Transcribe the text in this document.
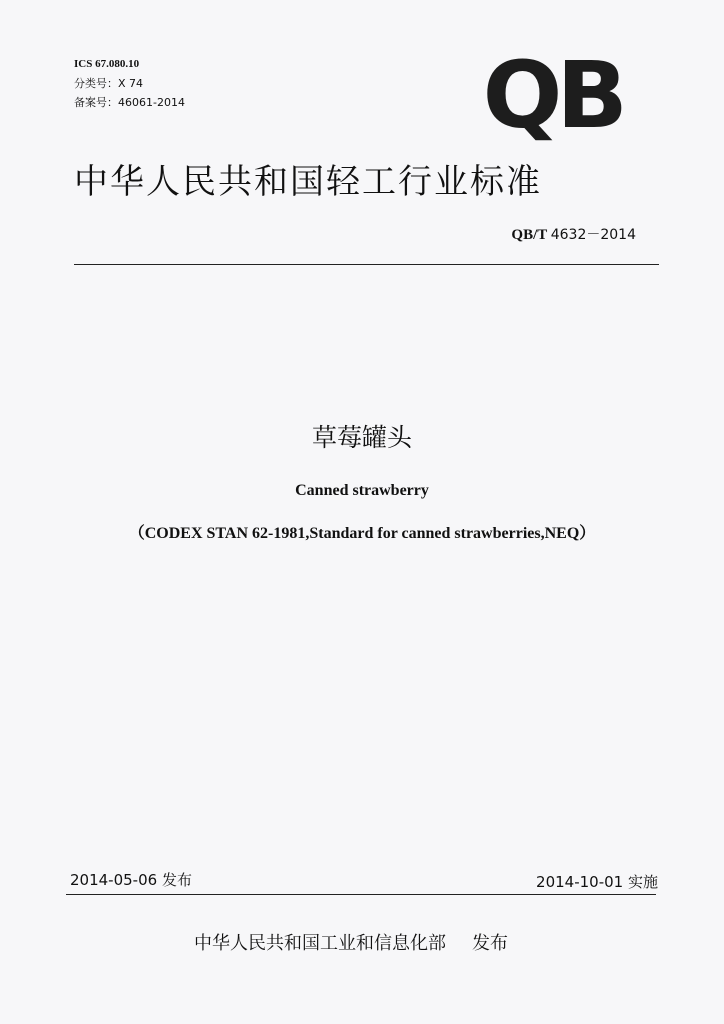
ICS 67.080.10
分类号：X 74
备案号：46061-2014	QB
中华人民共和国轻工行业标准
QB/T 4632－2014
草莓罐头
Canned strawberry
（CODEX STAN 62-1981,Standard for canned strawberries,NEQ）
2014-05-06 发布	2014-10-01 实施
中华人民共和国工业和信息化部 发布
